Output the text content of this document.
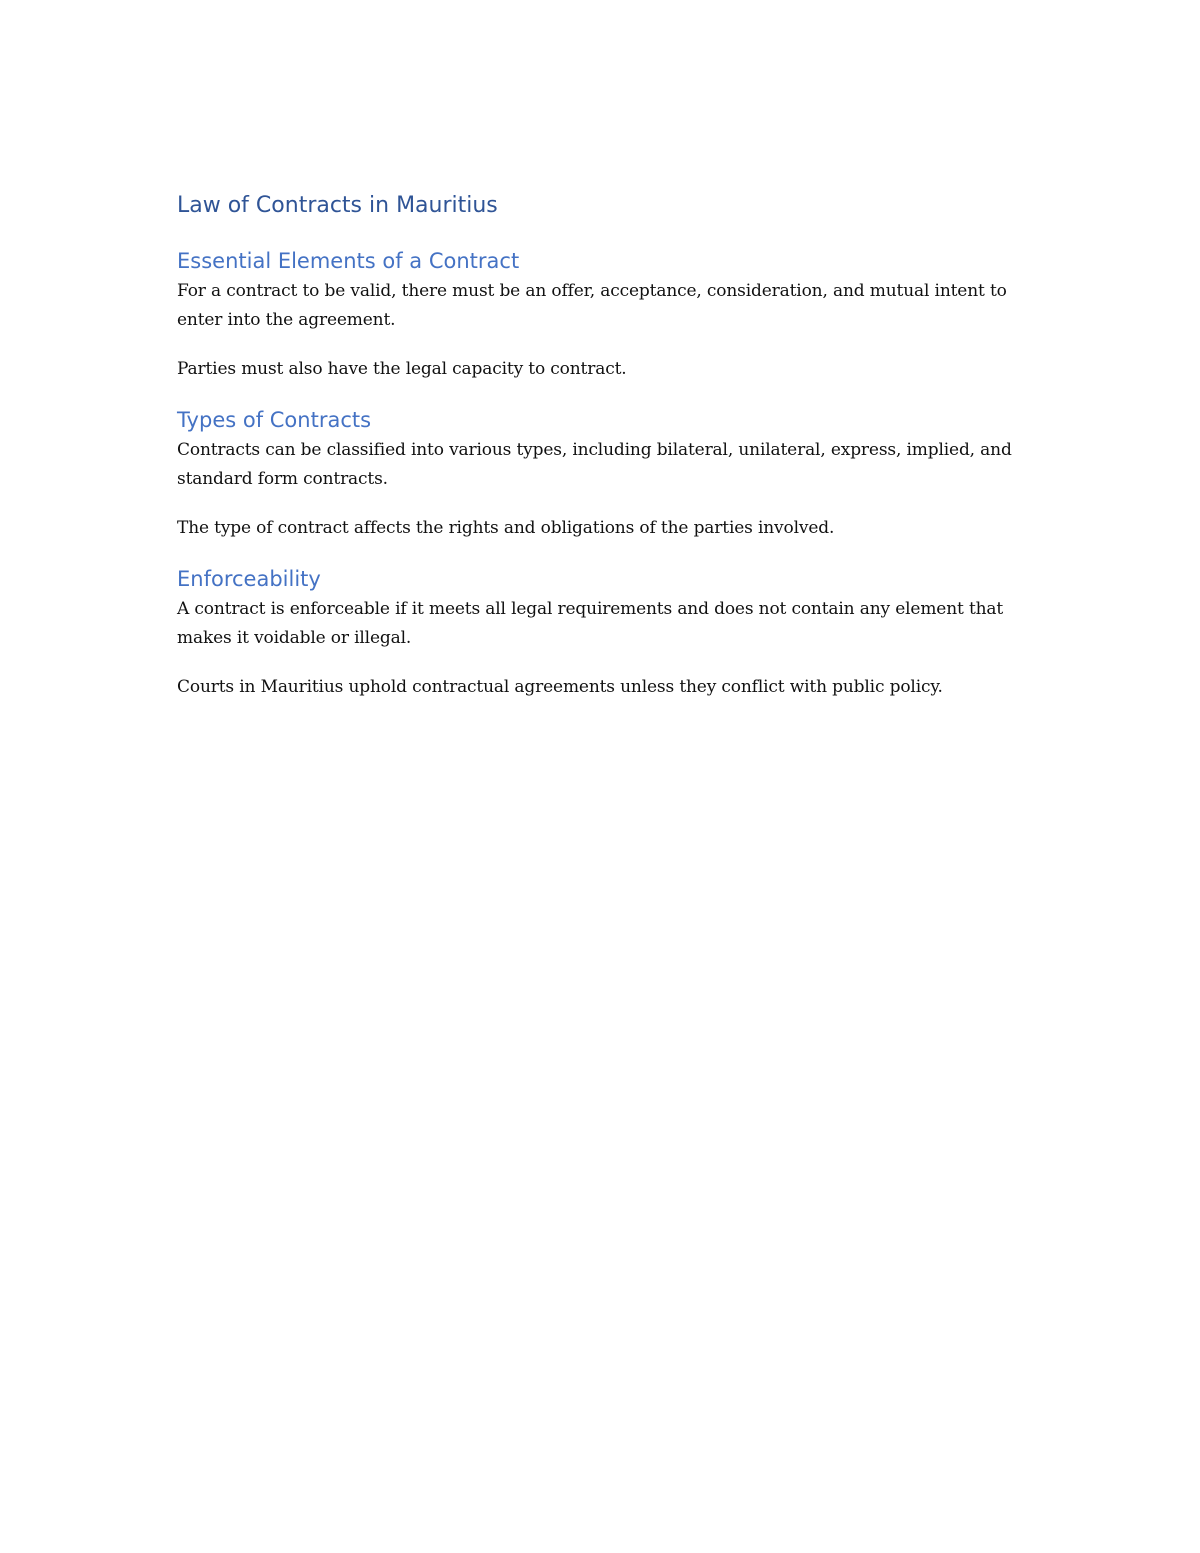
Law of Contracts in Mauritius
Essential Elements of a Contract

For a contract to be valid, there must be an offer, acceptance, consideration, and mutual intent to enter into the agreement.

Parties must also have the legal capacity to contract.

Types of Contracts

Contracts can be classified into various types, including bilateral, unilateral, express, implied, and standard form contracts.

The type of contract affects the rights and obligations of the parties involved.

Enforceability

A contract is enforceable if it meets all legal requirements and does not contain any element that makes it voidable or illegal.

Courts in Mauritius uphold contractual agreements unless they conflict with public policy.
